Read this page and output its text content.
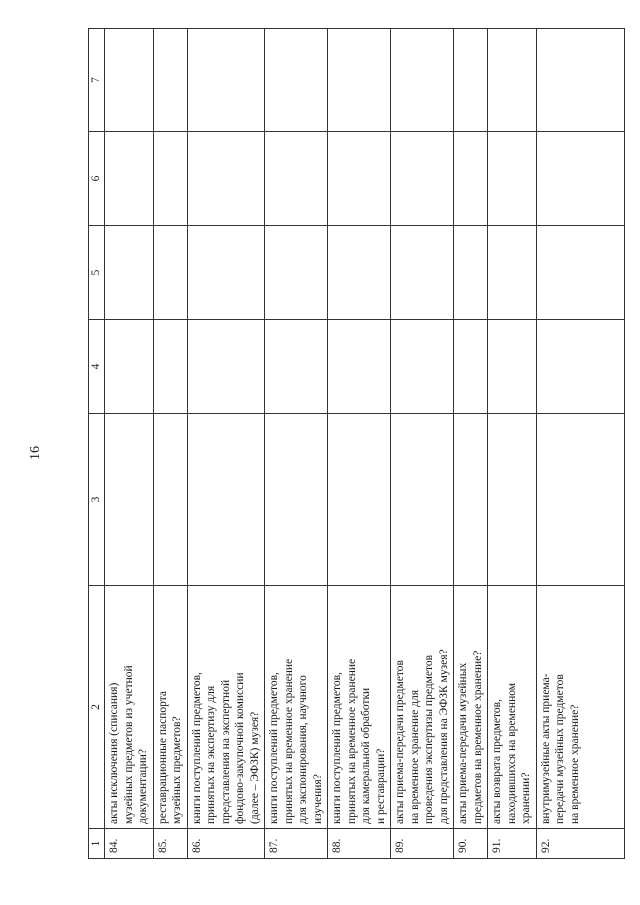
16
1	2	3	4	5	6	7
84.	акты исключения (списания)
музейных предметов из учетной
документации?					
85.	реставрационные паспорта
музейных предметов?					
86.	книги поступлений предметов,
принятых на экспертизу для
представления на экспертной
фондово-закупочной комиссии
(далее – ЭФЗК) музея?					
87.	книги поступлений предметов,
принятых на временное хранение
для экспонирования, научного
изучения?					
88.	книги поступлений предметов,
принятых на временное хранение
для камеральной обработки
и реставрации?					
89.	акты приема-передачи предметов
на временное хранение для
проведения экспертизы предметов
для представления на ЭФЗК музея?					
90.	акты приема-передачи музейных
предметов на временное хранение?					
91.	акты возврата предметов,
находившихся на временном
хранении?					
92.	внутримузейные акты приема-
передачи музейных предметов
на временное хранение?					
